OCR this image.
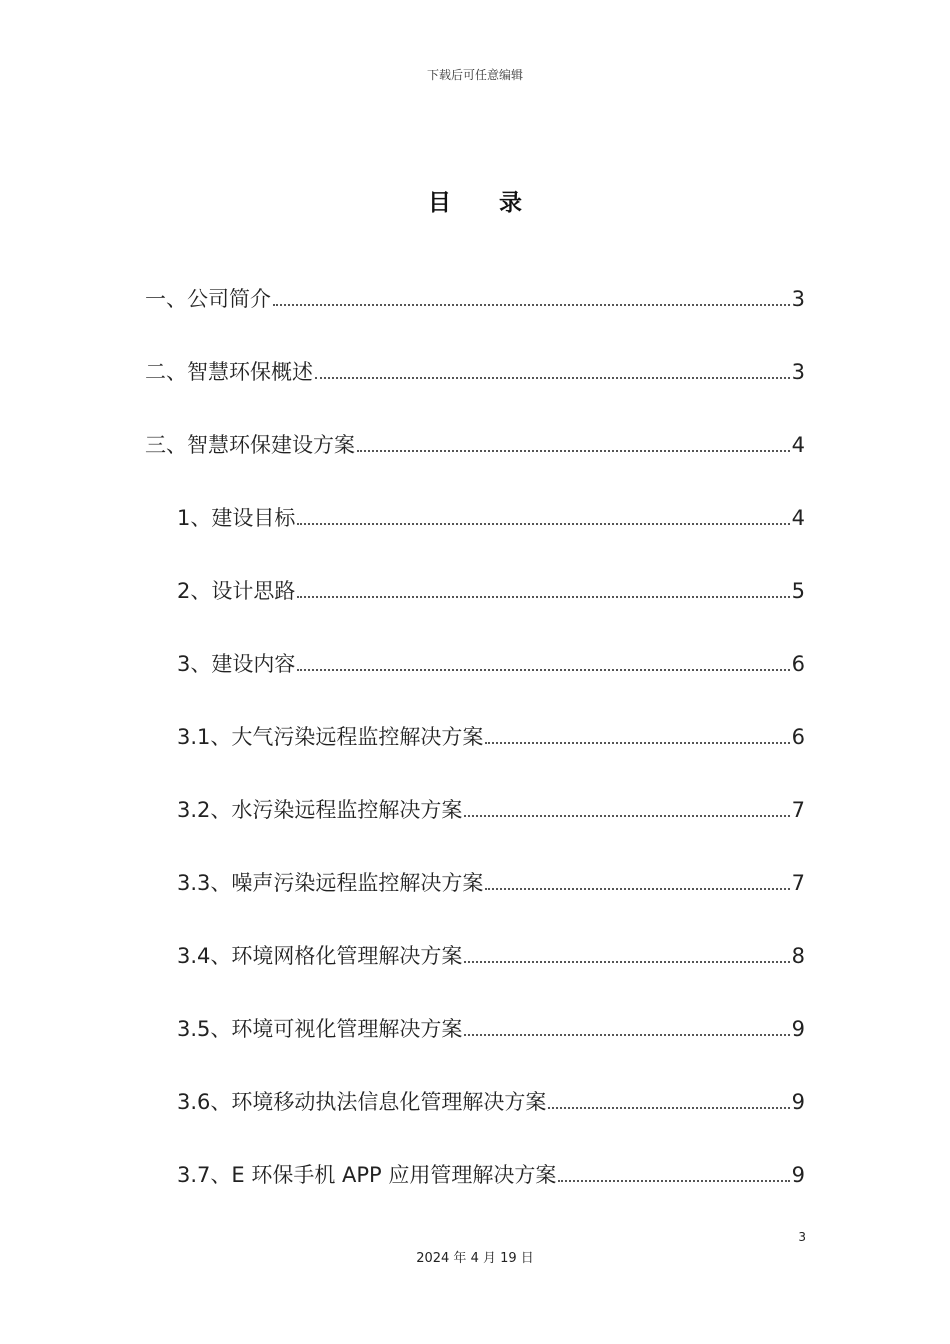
下载后可任意编辑
目 录
一、公司简介	3
二、智慧环保概述	3
三、智慧环保建设方案	4
1、建设目标	4
2、设计思路	5
3、建设内容	6
3.1、大气污染远程监控解决方案	6
3.2、水污染远程监控解决方案	7
3.3、噪声污染远程监控解决方案	7
3.4、环境网格化管理解决方案	8
3.5、环境可视化管理解决方案	9
3.6、环境移动执法信息化管理解决方案	9
3.7、E 环保手机 APP 应用管理解决方案	9
3
2024 年 4 月 19 日
